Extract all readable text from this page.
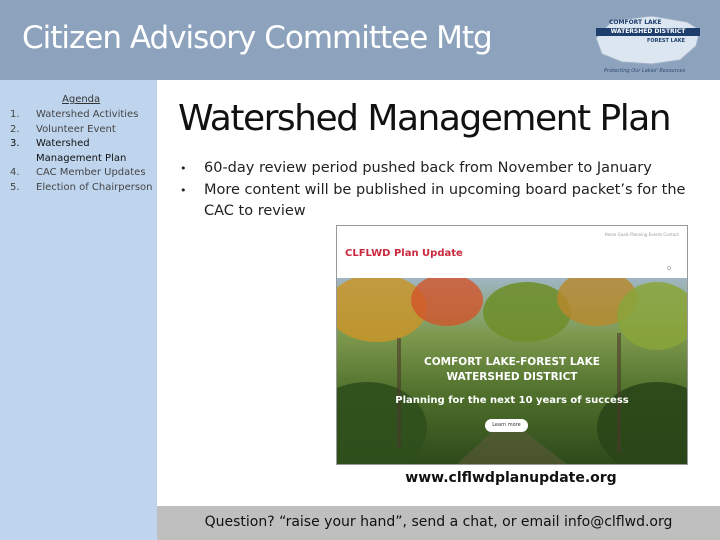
Citizen Advisory Committee Mtg	COMFORT LAKE
WATERSHED DISTRICT
FOREST LAKE
Protecting Our Lakes' Resources
Agenda
1.	Watershed Activities
2.	Volunteer Event
3.	Watershed Management Plan
4.	CAC Member Updates
5.	Election of Chairperson
Watershed Management Plan
•	60-day review period pushed back from November to January
•	More content will be published in upcoming board packet’s for the CAC to review
Home Goals Planning Events Contact
CLFLWD Plan Update
Q
COMFORT LAKE-FOREST LAKE
WATERSHED DISTRICT
Planning for the next 10 years of success
Learn more
www.clflwdplanupdate.org
Question? “raise your hand”, send a chat, or email info@clflwd.org
